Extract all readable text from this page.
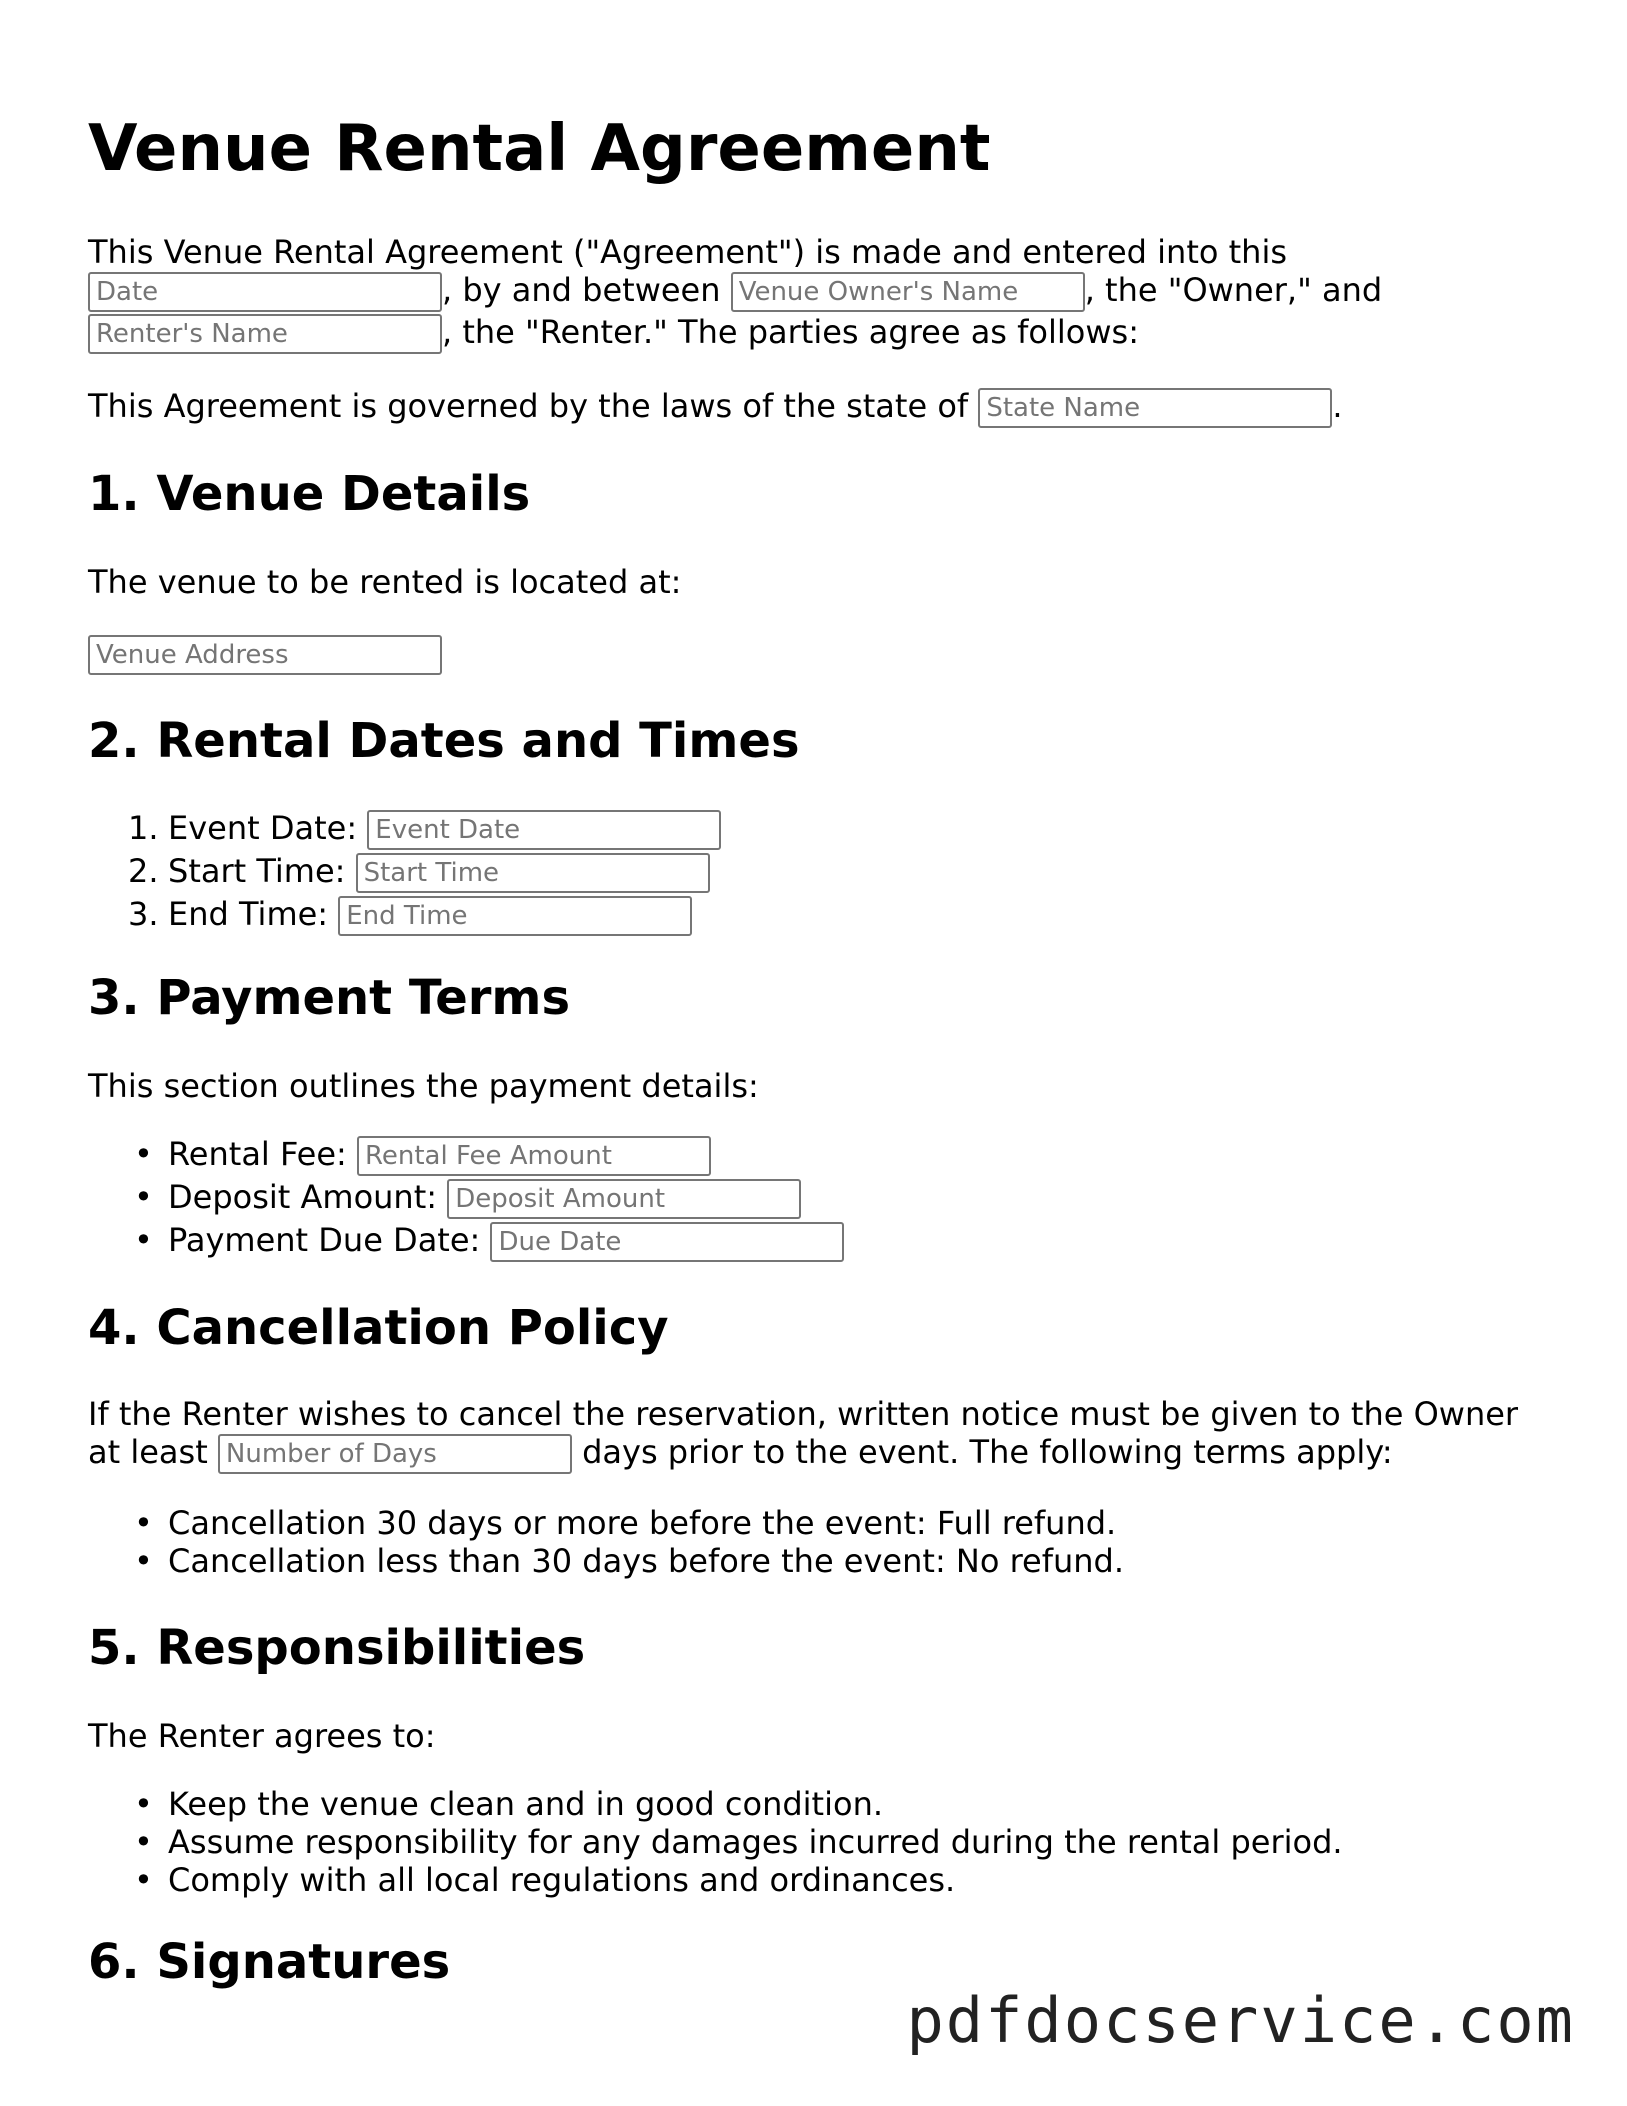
Venue Rental Agreement
This Venue Rental Agreement ("Agreement") is made and entered into this
Date, by and between Venue Owner's Name	, the "Owner," and
Renter's Name, the "Renter." The parties agree as follows:
This Agreement is governed by the laws of the state of State Name	.
1. Venue Details
The venue to be rented is located at:
Venue Address
2. Rental Dates and Times
1. Event Date: Event Date
2. Start Time: Start Time
3. End Time: End Time
3. Payment Terms
This section outlines the payment details:
• Rental Fee: Rental Fee Amount
• Deposit Amount: Deposit Amount
• Payment Due Date: Due Date
4. Cancellation Policy
If the Renter wishes to cancel the reservation, written notice must be given to the Owner
at least Number of Days	days prior to the event. The following terms apply:
• Cancellation 30 days or more before the event: Full refund.
• Cancellation less than 30 days before the event: No refund.
5. Responsibilities
The Renter agrees to:
• Keep the venue clean and in good condition.
• Assume responsibility for any damages incurred during the rental period.
• Comply with all local regulations and ordinances.
6. Signatures
pdfdocservice.com
